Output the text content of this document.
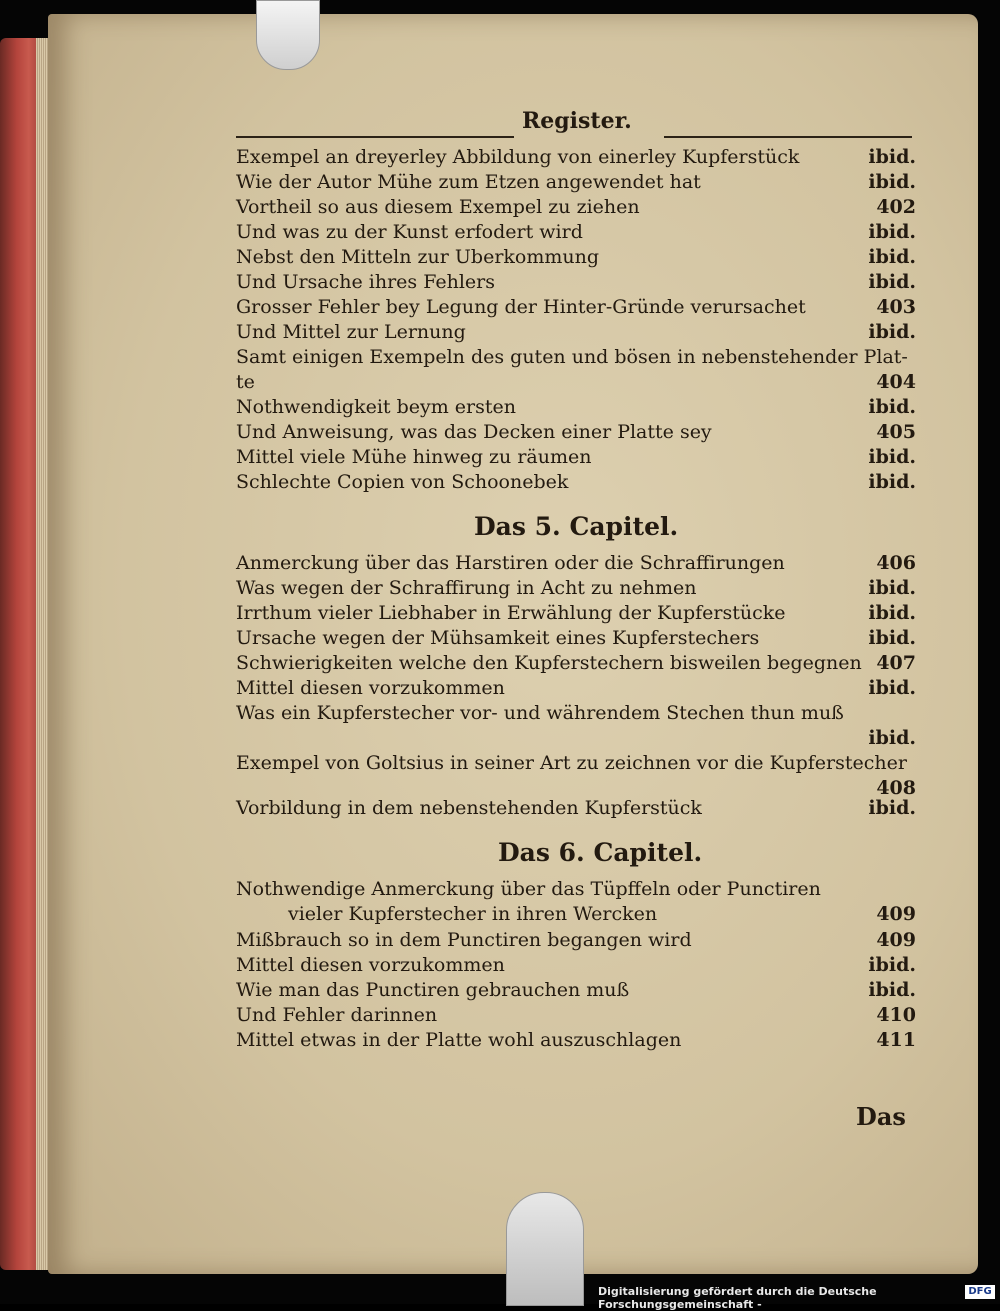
Register.
Exempel an dreyerley Abbildung von einerley Kupferstück	ibid.
Wie der Autor Mühe zum Etzen angewendet hat	ibid.
Vortheil so aus diesem Exempel zu ziehen	402
Und was zu der Kunst erfodert wird	ibid.
Nebst den Mitteln zur Uberkommung	ibid.
Und Ursache ihres Fehlers	ibid.
Grosser Fehler bey Legung der Hinter-Gründe verursachet	403
Und Mittel zur Lernung	ibid.
Samt einigen Exempeln des guten und bösen in nebenstehender Plat-
te	404
Nothwendigkeit beym ersten	ibid.
Und Anweisung, was das Decken einer Platte sey	405
Mittel viele Mühe hinweg zu räumen	ibid.
Schlechte Copien von Schoonebek	ibid.
Das 5. Capitel.
Anmerckung über das Harstiren oder die Schraffirungen	406
Was wegen der Schraffirung in Acht zu nehmen	ibid.
Irrthum vieler Liebhaber in Erwählung der Kupferstücke	ibid.
Ursache wegen der Mühsamkeit eines Kupferstechers	ibid.
Schwierigkeiten welche den Kupferstechern bisweilen begegnen 407
Mittel diesen vorzukommen	ibid.
Was ein Kupferstecher vor- und währendem Stechen thun muß
ibid.
Exempel von Goltsius in seiner Art zu zeichnen vor die Kupferstecher
408
Vorbildung in dem nebenstehenden Kupferstück	ibid.
Das 6. Capitel.
Nothwendige Anmerckung über das Tüpffeln oder Punctiren
vieler Kupferstecher in ihren Wercken	409
Mißbrauch so in dem Punctiren begangen wird	409
Mittel diesen vorzukommen	ibid.
Wie man das Punctiren gebrauchen muß	ibid.
Und Fehler darinnen	410
Mittel etwas in der Platte wohl auszuschlagen	411
Das
Digitalisierung gefördert durch die Deutsche Forschungsgemeinschaft -
DFG
